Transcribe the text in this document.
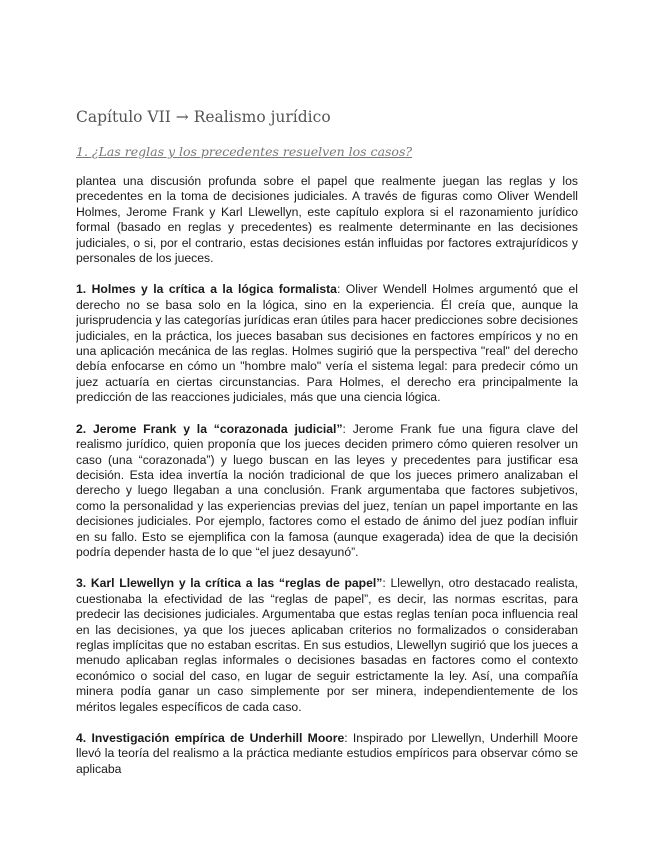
Capítulo VII → Realismo jurídico
1. ¿Las reglas y los precedentes resuelven los casos?

plantea una discusión profunda sobre el papel que realmente juegan las reglas y los precedentes en la toma de decisiones judiciales. A través de figuras como Oliver Wendell Holmes, Jerome Frank y Karl Llewellyn, este capítulo explora si el razonamiento jurídico formal (basado en reglas y precedentes) es realmente determinante en las decisiones judiciales, o si, por el contrario, estas decisiones están influidas por factores extrajurídicos y personales de los jueces.

1. Holmes y la crítica a la lógica formalista: Oliver Wendell Holmes argumentó que el derecho no se basa solo en la lógica, sino en la experiencia. Él creía que, aunque la jurisprudencia y las categorías jurídicas eran útiles para hacer predicciones sobre decisiones judiciales, en la práctica, los jueces basaban sus decisiones en factores empíricos y no en una aplicación mecánica de las reglas. Holmes sugirió que la perspectiva "real" del derecho debía enfocarse en cómo un "hombre malo" vería el sistema legal: para predecir cómo un juez actuaría en ciertas circunstancias. Para Holmes, el derecho era principalmente la predicción de las reacciones judiciales, más que una ciencia lógica.

2. Jerome Frank y la “corazonada judicial”: Jerome Frank fue una figura clave del realismo jurídico, quien proponía que los jueces deciden primero cómo quieren resolver un caso (una “corazonada”) y luego buscan en las leyes y precedentes para justificar esa decisión. Esta idea invertía la noción tradicional de que los jueces primero analizaban el derecho y luego llegaban a una conclusión. Frank argumentaba que factores subjetivos, como la personalidad y las experiencias previas del juez, tenían un papel importante en las decisiones judiciales. Por ejemplo, factores como el estado de ánimo del juez podían influir en su fallo. Esto se ejemplifica con la famosa (aunque exagerada) idea de que la decisión podría depender hasta de lo que “el juez desayunó”.

3. Karl Llewellyn y la crítica a las “reglas de papel”: Llewellyn, otro destacado realista, cuestionaba la efectividad de las “reglas de papel”, es decir, las normas escritas, para predecir las decisiones judiciales. Argumentaba que estas reglas tenían poca influencia real en las decisiones, ya que los jueces aplicaban criterios no formalizados o consideraban reglas implícitas que no estaban escritas. En sus estudios, Llewellyn sugirió que los jueces a menudo aplicaban reglas informales o decisiones basadas en factores como el contexto económico o social del caso, en lugar de seguir estrictamente la ley. Así, una compañía minera podía ganar un caso simplemente por ser minera, independientemente de los méritos legales específicos de cada caso.

4. Investigación empírica de Underhill Moore: Inspirado por Llewellyn, Underhill Moore llevó la teoría del realismo a la práctica mediante estudios empíricos para observar cómo se aplicaba
